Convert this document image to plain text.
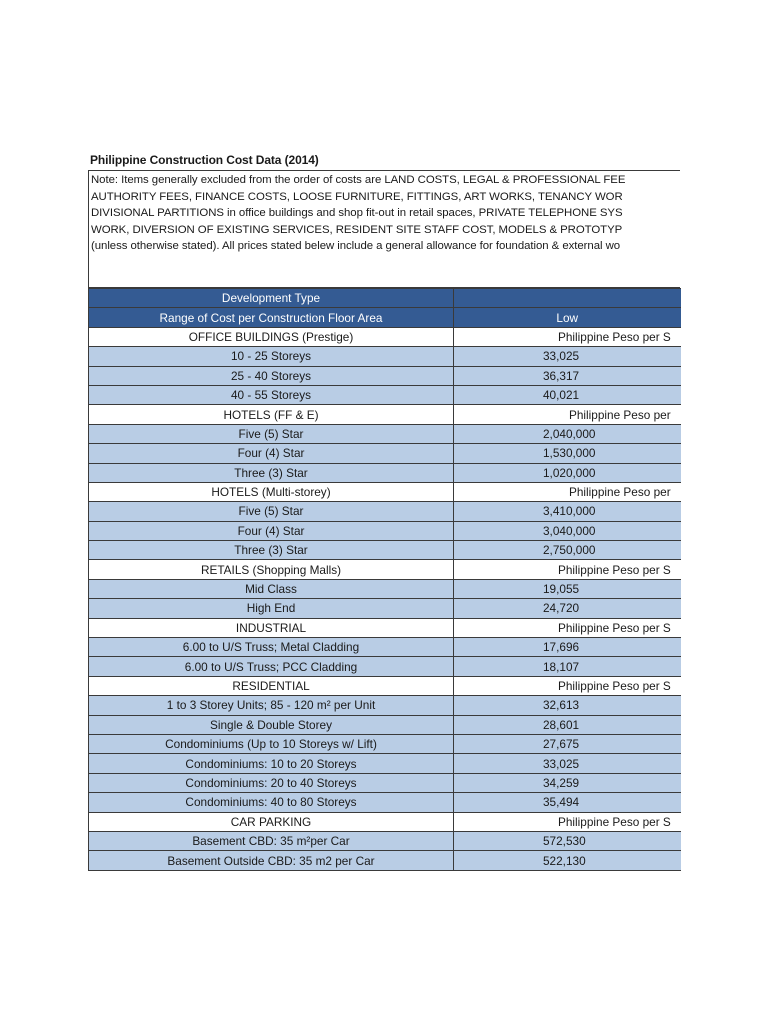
Philippine Construction Cost Data (2014)
Note: Items generally excluded from the order of costs are LAND COSTS, LEGAL & PROFESSIONAL FEE
AUTHORITY FEES, FINANCE COSTS, LOOSE FURNITURE, FITTINGS, ART WORKS, TENANCY WOR
DIVISIONAL PARTITIONS in office buildings and shop fit-out in retail spaces, PRIVATE TELEPHONE SYS
WORK, DIVERSION OF EXISTING SERVICES, RESIDENT SITE STAFF COST, MODELS & PROTOTYP
(unless otherwise stated). All prices stated belew include a general allowance for foundation & external wo
Development Type	
Range of Cost per Construction Floor Area	Low
OFFICE BUILDINGS (Prestige)	Philippine Peso per S
10 - 25 Storeys	33,025
25 - 40 Storeys	36,317
40 - 55 Storeys	40,021
HOTELS (FF & E)	Philippine Peso per
Five (5) Star	2,040,000
Four (4) Star	1,530,000
Three (3) Star	1,020,000
HOTELS (Multi-storey)	Philippine Peso per
Five (5) Star	3,410,000
Four (4) Star	3,040,000
Three (3) Star	2,750,000
RETAILS (Shopping Malls)	Philippine Peso per S
Mid Class	19,055
High End	24,720
INDUSTRIAL	Philippine Peso per S
6.00 to U/S Truss; Metal Cladding	17,696
6.00 to U/S Truss; PCC Cladding	18,107
RESIDENTIAL	Philippine Peso per S
1 to 3 Storey Units; 85 - 120 m² per Unit	32,613
Single & Double Storey	28,601
Condominiums (Up to 10 Storeys w/ Lift)	27,675
Condominiums: 10 to 20 Storeys	33,025
Condominiums: 20 to 40 Storeys	34,259
Condominiums: 40 to 80 Storeys	35,494
CAR PARKING	Philippine Peso per S
Basement CBD: 35 m²per Car	572,530
Basement Outside CBD: 35 m2 per Car	522,130
